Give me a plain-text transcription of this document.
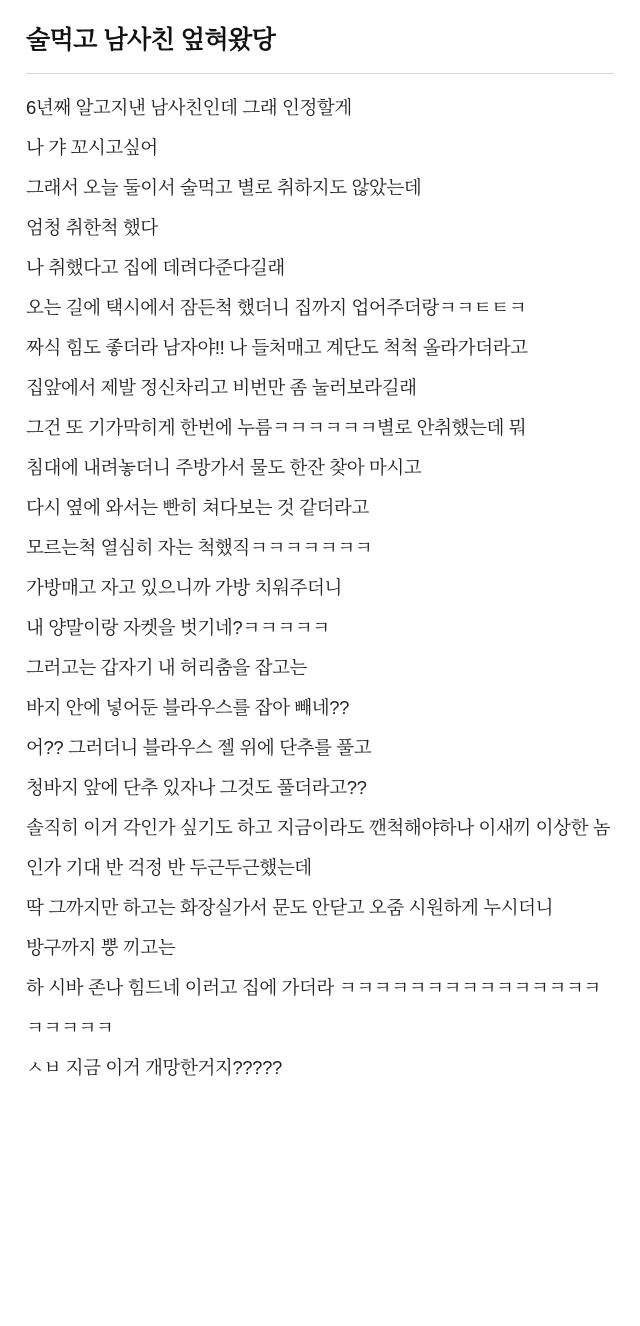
술먹고 남사친 엎혀왔당

6년째 알고지낸 남사친인데 그래 인정할게

나 갸 꼬시고싶어

그래서 오늘 둘이서 술먹고 별로 취하지도 않았는데

엄청 취한척 했다

나 취했다고 집에 데려다준다길래

오는 길에 택시에서 잠든척 했더니 집까지 업어주더랑ㅋㅋㅌㅌㅋ

짜식 힘도 좋더라 남자야!! 나 들처매고 계단도 척척 올라가더라고

집앞에서 제발 정신차리고 비번만 좀 눌러보라길래

그건 또 기가막히게 한번에 누름ㅋㅋㅋㅋㅋㅋ별로 안취했는데 뭐

침대에 내려놓더니 주방가서 물도 한잔 찾아 마시고

다시 옆에 와서는 빤히 쳐다보는 것 같더라고

모르는척 열심히 자는 척했직ㅋㅋㅋㅋㅋㅋㅋ

가방매고 자고 있으니까 가방 치워주더니

내 양말이랑 자켓을 벗기네?ㅋㅋㅋㅋㅋ

그러고는 갑자기 내 허리춤을 잡고는

바지 안에 넣어둔 블라우스를 잡아 빼네??

어?? 그러더니 블라우스 젤 위에 단추를 풀고

청바지 앞에 단추 있자나 그것도 풀더라고??

솔직히 이거 각인가 싶기도 하고 지금이라도 깬척해야하나 이새끼 이상한 놈인가 기대 반 걱정 반 두근두근했는데

딱 그까지만 하고는 화장실가서 문도 안닫고 오줌 시원하게 누시더니

방구까지 뿡 끼고는

하 시바 존나 힘드네 이러고 집에 가더라 ㅋㅋㅋㅋㅋㅋㅋㅋㅋㅋㅋㅋㅋㅋㅋㅋㅋㅋㅋㅋ

ㅅㅂ 지금 이거 개망한거지?????
